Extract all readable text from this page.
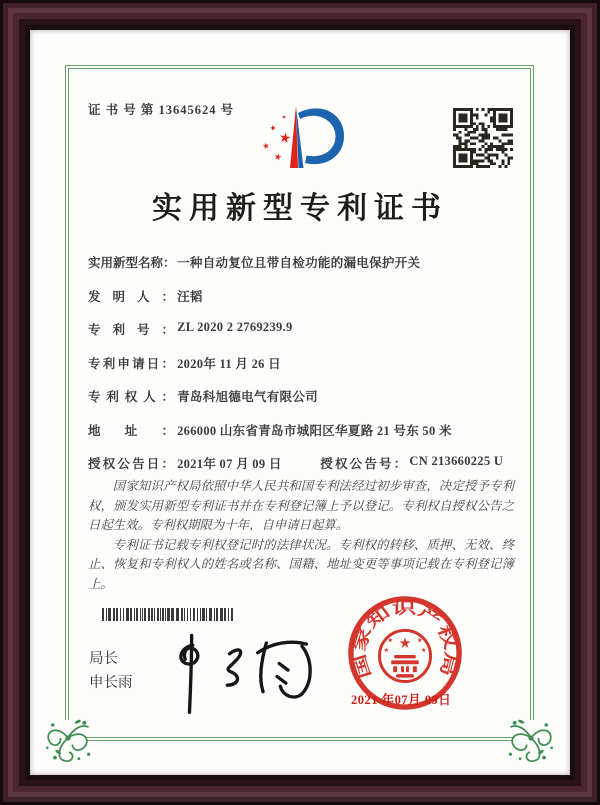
证 书 号 第 13645624 号
实用新型专利证书
实用新型名称： 一种自动复位且带自检功能的漏电保护开关
发明人： 汪韬
专利号： ZL 2020 2 2769239.9
专利申请日： 2020年 11 月 26 日
专利权人： 青岛科旭德电气有限公司
地址： 266000 山东省青岛市城阳区华夏路 21 号东 50 米
授权公告日： 2021年 07 月 09 日	授权公告号： CN 213660225 U

国家知识产权局依照中华人民共和国专利法经过初步审查，决定授予专利权，颁发实用新型专利证书并在专利登记簿上予以登记。专利权自授权公告之日起生效。专利权期限为十年，自申请日起算。

专利证书记载专利权登记时的法律状况。专利权的转移、质押、无效、终止、恢复和专利权人的姓名或名称、国籍、地址变更等事项记载在专利登记簿上。

局长
申长雨
国家知识产权局
2021 年07月 09日
